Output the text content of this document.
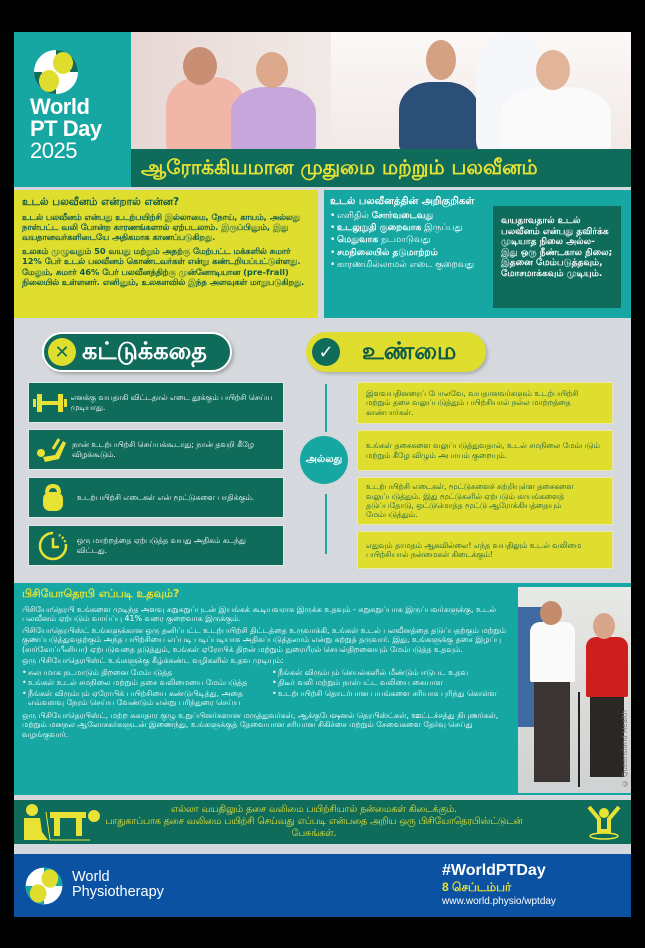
World
PT Day
2025
ஆரோக்கியமான முதுமை மற்றும் பலவீனம்
உடல் பலவீனம் என்றால் என்ன?

உடல் பலவீனம் என்பது உடற்பயிற்சி இல்லாமை, நோய், காயம், அல்லது நாள்பட்ட வலி போன்ற காரணங்களால் ஏற்படலாம். இருப்பினும், இது வயதானவர்களிடையே அதிகமாக காணப்படுகிறது.

உலகம் முழுவதும் 50 வயது மற்றும் அதற்கு மேற்பட்ட மக்களில் சுமார் 12% பேர் உடல் பலவீனம் கொண்டவர்கள் என்று கண்டறியப்பட்டுள்ளது. மேலும், சுமார் 46% பேர் பலவீனத்திற்கு முன்னோடியான (pre-frail) நிலையில் உள்ளனர். எனினும், உலகளவில் இந்த அளவுகள் மாறுபடுகிறது.

உடல் பலவீனத்தின் அறிகுறிகள்
• எளிதில் சோர்வடைவது
• உடலுறுதி குறைவாக இருப்பது
• மெதுவாக நடமாடுவது
• சமநிலையில் தடுமாற்றம்
• காரணமில்லாமல் எடை குறைவது
வயதாவதால் உடல் பலவீனம் என்பது தவிர்க்க முடியாத நிலை அல்ல- இது ஒரு நீண்டகால நிலை; இதனை மேம்படுத்தவும், மோசமாக்கவும் முடியும்.
✕ கட்டுக்கதை	✓ உண்மை
எனக்கு வயதாகி விட்டதால் எடை தூக்கும் பயிற்சி செய்ய முடியாது.
நான் உடற்பயிற்சி செய்யக்கூடாது; நான் தவறி கீழே விழக்கூடும்.
உடற்பயிற்சி எடைகள் என் மூட்டுகளை பாதிக்கும்.
ஒரு மாற்றத்தை ஏற்படுத்த வயது அதிகம் கடந்து விட்டது.
அல்லது
இளவயதினரைப் போலவே, வயதானவர்களும் உடற்பயிற்சி மற்றும் தசை வலுப்படுத்தும் பயிற்சியால் நல்ல மாற்றத்தை காண்பார்கள்.
உங்கள் தசைகளை வலுப்படுத்துவதால், உடல் சமநிலை மேம்படும் மற்றும் கீழே விழும் அபாயம் குறையும்.
உடற்பயிற்சி எடைகள், மூட்டுகளைச் சுற்றியுள்ள தசைகளை வலுப்படுத்தும். இது மூட்டுகளில் ஏற்படும் காயங்களைத் தடுப்பதோடு, ஒட்டுமொத்த மூட்டு ஆரோக்கியத்தையும் மேம்படுத்தும்.
எதுவும் தாமதம் ஆகவில்லை! எந்த வயதிலும் உடல் வலிமை பயிற்சியால் நன்மைகள் கிடைக்கும்!
பிசியோதெரபி எப்படி உதவும்?

பிசியோதெரபி உங்களை முடிந்த அளவு சுறுசுறுப்புடன் இயங்கக் கூடியவராக இருக்க உதவும் - சுறுசுறுப்பாக இருப்பவர்களுக்கு, உடல் பலவீனம் ஏற்படும் வாய்ப்பு 41% வரை குறைவாக இருக்கும்.

பிசியோதெரபிஸ்ட் உங்களுக்கான ஒரு தனிப்பட்ட உடற்பயிற்சி திட்டத்தை உருவாக்கி, உங்கள் உடல் பலவீனத்தை தடுப்பதற்கும் மற்றும் குணப்படுத்துவதற்கும் அந்த பயிற்சியை எப்படி படிப்படியாக அதிகப்படுத்தலாம் என்று கற்றுத் தருவார். இது, உங்களுக்கு தசை இழப்பு (சார்கோப்பீனியா) ஏற்படுவதை தடுத்தும், உங்கள் ஏரோபிக் திறன் மற்றும் நுரையீரல் செயல்திறனையும் மேம்படுத்த உதவும்.

ஒரு பிசியோதெரபிஸ்ட் உங்களுக்கு கீழ்க்கண்ட வழிகளில் உதவ முடியும்:

• சுலபமாக நடமாடும் திறனை மேம்படுத்த
• உங்கள் உடல் சமநிலை மற்றும் தசை வலிமையை மேம்படுத்த
• நீங்கள் விரும்பும் ஏரோபிக் பயிற்சியை கண்டுபிடித்து, அதை எவ்வளவு நேரம் செய்ய வேண்டும் என்று பரிந்துரை செய்ய
• நீங்கள் விரும்பும் செயல்களில் மீண்டும் ஈடுபட உதவ
• திடீர் வலி மற்றும் நாள்பட்ட வலியை கையாள
• உடற்பயிற்சி தொடர்பான பயங்களை சரியாக புரிந்து கொள்ள

ஒரு பிசியோதெரபிஸ்ட், மற்ற சுகாதார குழு உறுப்பினர்களான மருத்துவர்கள், ஆக்குபேஷனல் தெரபிஸ்ட்கள், ஊட்டச்சத்து நிபுணர்கள், மற்றும் மனநல ஆலோசகர்களுடன் இணைந்து, உங்களுக்குத் தேவையான சரியான சிகிச்சை மற்றும் சேவைகளை தேர்வு செய்து வழங்குவார்.	© Queensland Health
எல்லா வயதிலும் தசை வலிமை பயிற்சியால் நன்மைகள் கிடைக்கும்.
பாதுகாப்பாக தசை வலிமை பயிற்சி செய்வது எப்படி என்பதை அறிய ஒரு பிசியோதெரபிஸ்ட்டுடன் பேசுங்கள்.
World
Physiotherapy
#WorldPTDay
8 செப்டம்பர்
www.world.physio/wptday
